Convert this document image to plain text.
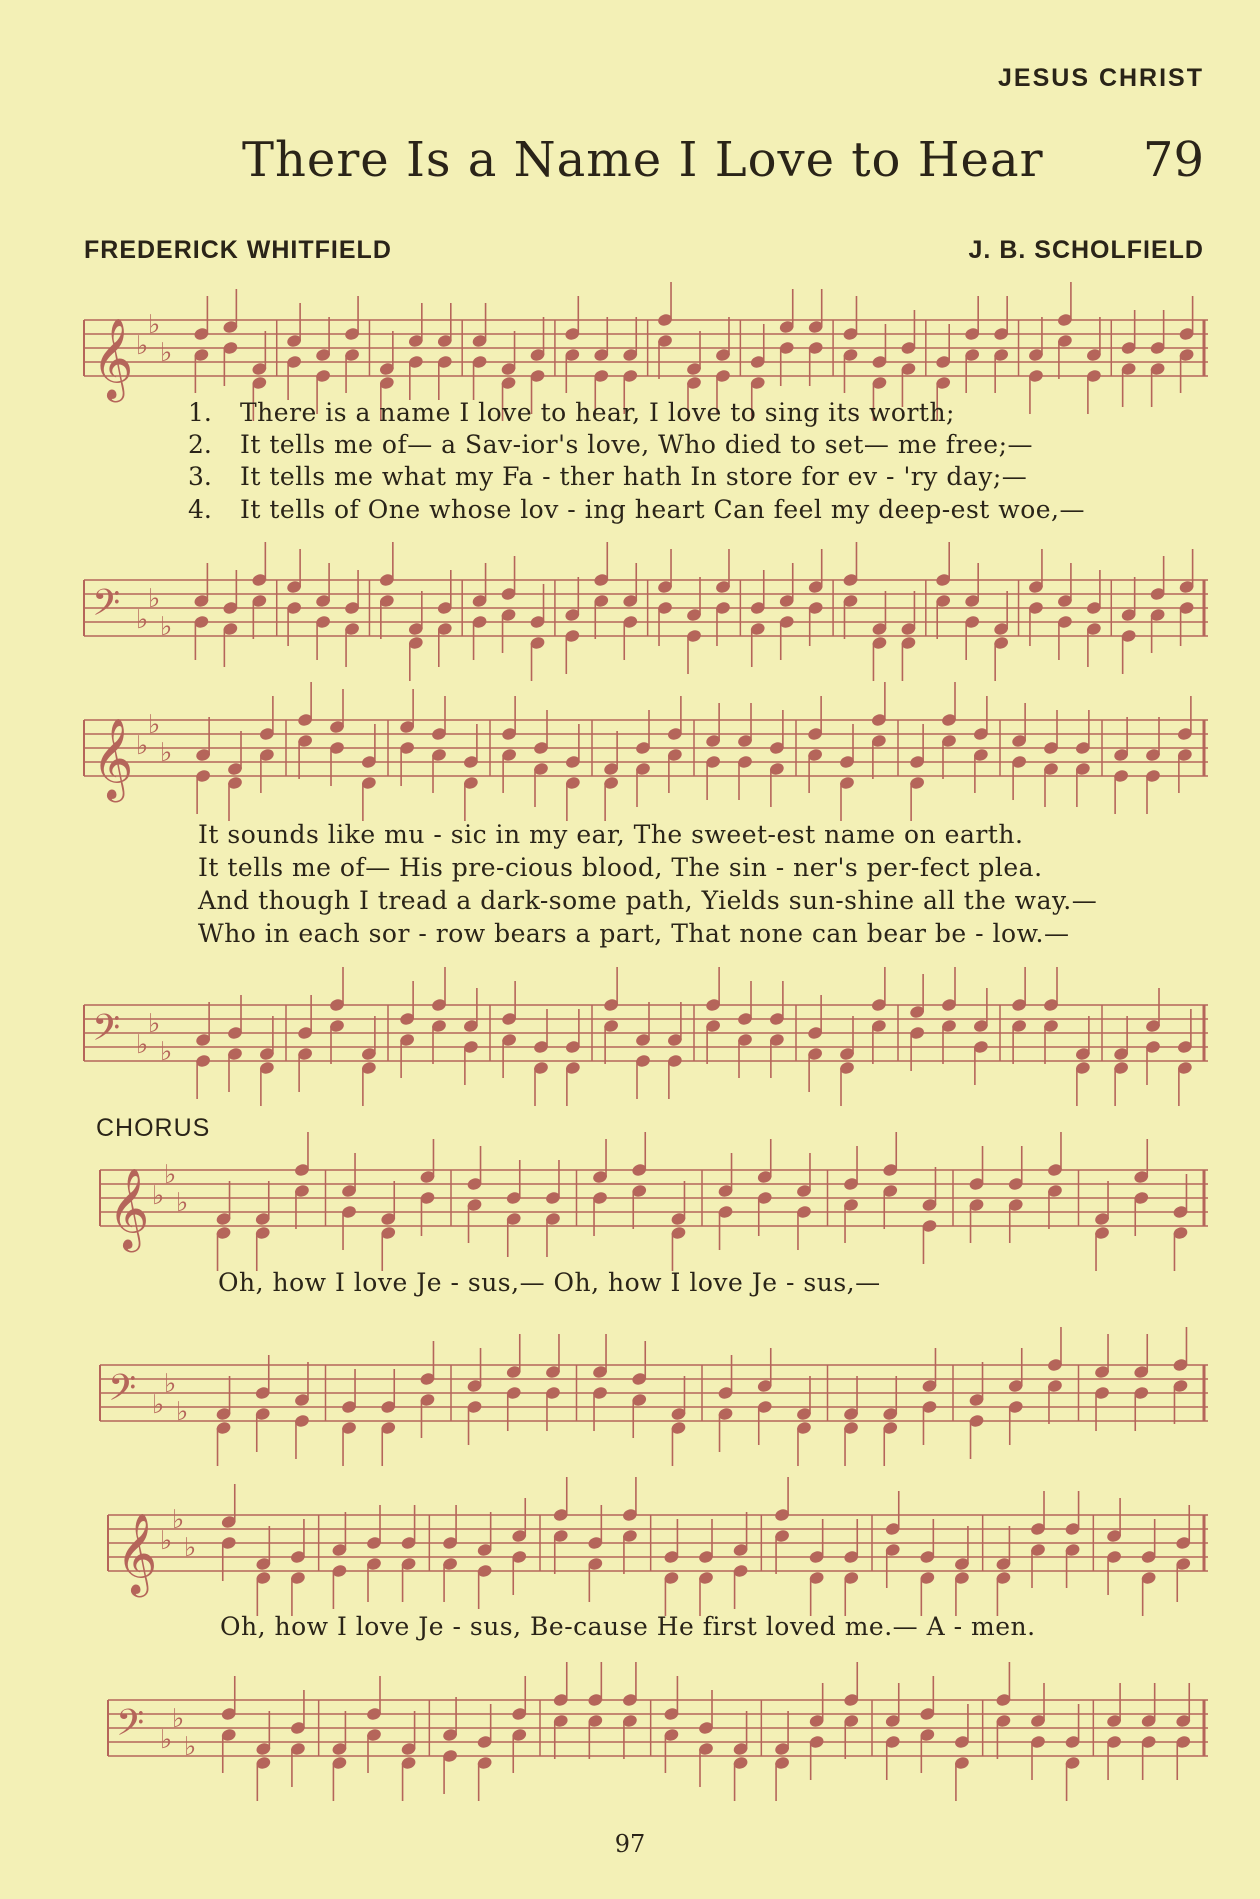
JESUS CHRIST
There Is a Name I Love to Hear 79
FREDERICK WHITFIELD	J. B. SCHOLFIELD
𝄞 ♭
♭
♭
1.
2.
3.
4.
There is a name I love to hear, I love to sing its worth;
It tells me of— a Sav-ior's love, Who died to set— me free;—
It tells me what my Fa - ther hath In store for ev - 'ry day;—
It tells of One whose lov - ing heart Can feel my deep-est woe,—
𝄢 ♭
♭
♭
𝄞 ♭
♭
♭
It sounds like mu - sic in my ear, The sweet-est name on earth.
It tells me of— His pre-cious blood, The sin - ner's per-fect plea.
And though I tread a dark-some path, Yields sun-shine all the way.—
Who in each sor - row bears a part, That none can bear be - low.—
𝄢 ♭
♭
♭
CHORUS
𝄞 ♭
♭
♭
Oh, how I love Je - sus,— Oh, how I love Je - sus,—
𝄢 ♭
♭
♭
𝄞 ♭
♭
♭
Oh, how I love Je - sus, Be-cause He first loved me.— A - men.
𝄢 ♭
♭
♭
97
